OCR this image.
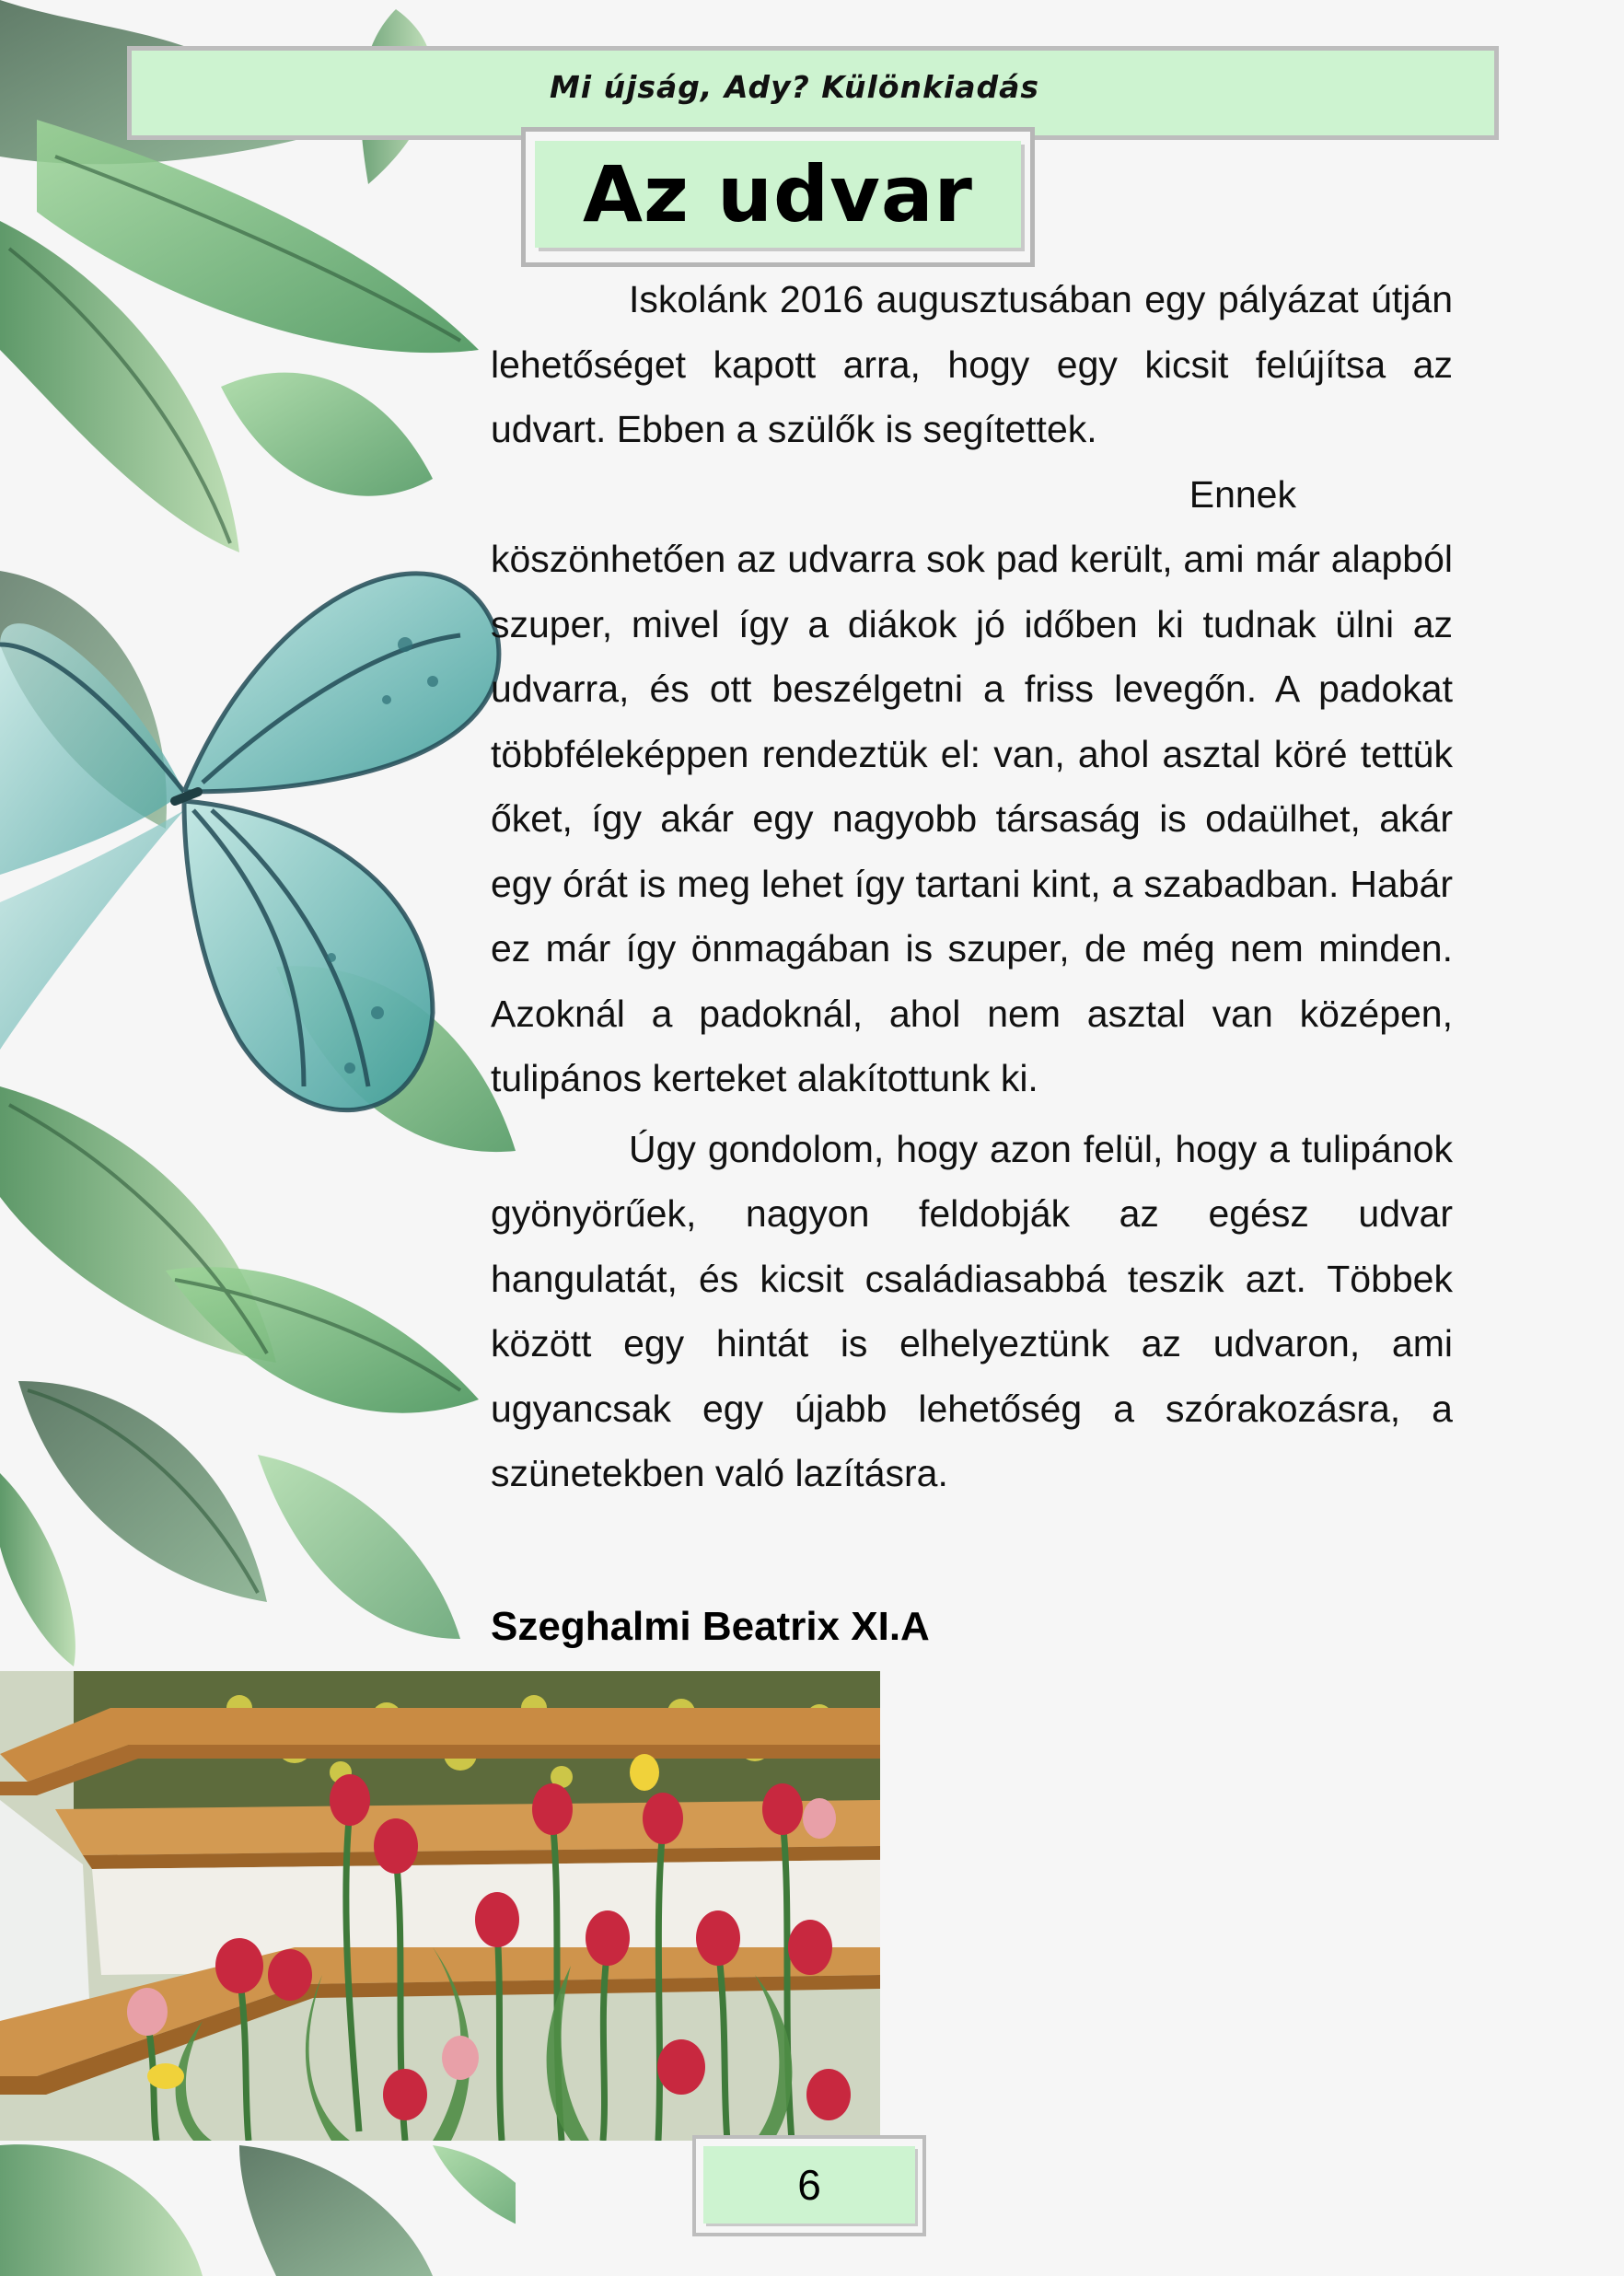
Mi újság, Ady? Különkiadás
Az udvar

Iskolánk 2016 augusztusában egy pályázat útján lehetőséget kapott arra, hogy egy kicsit felújítsa az udvart. Ebben a szülők is segítettek.

Ennek

köszönhetően az udvarra sok pad került, ami már alapból szuper, mivel így a diákok jó időben ki tudnak ülni az udvarra, és ott beszélgetni a friss levegőn. A padokat többféleképpen rendeztük el: van, ahol asztal köré tettük őket, így akár egy nagyobb társaság is odaülhet, akár egy órát is meg lehet így tartani kint, a szabadban. Habár ez már így önmagában is szuper, de még nem minden. Azoknál a padoknál, ahol nem asztal van középen, tulipános kerteket alakítottunk ki.

Úgy gondolom, hogy azon felül, hogy a tulipánok gyönyörűek, nagyon feldobják az egész udvar hangulatát, és kicsit családiasabbá teszik azt. Többek között egy hintát is elhelyeztünk az udvaron, ami ugyancsak egy újabb lehetőség a szórakozásra, a szünetekben való lazításra.

Szeghalmi Beatrix XI.A
6
